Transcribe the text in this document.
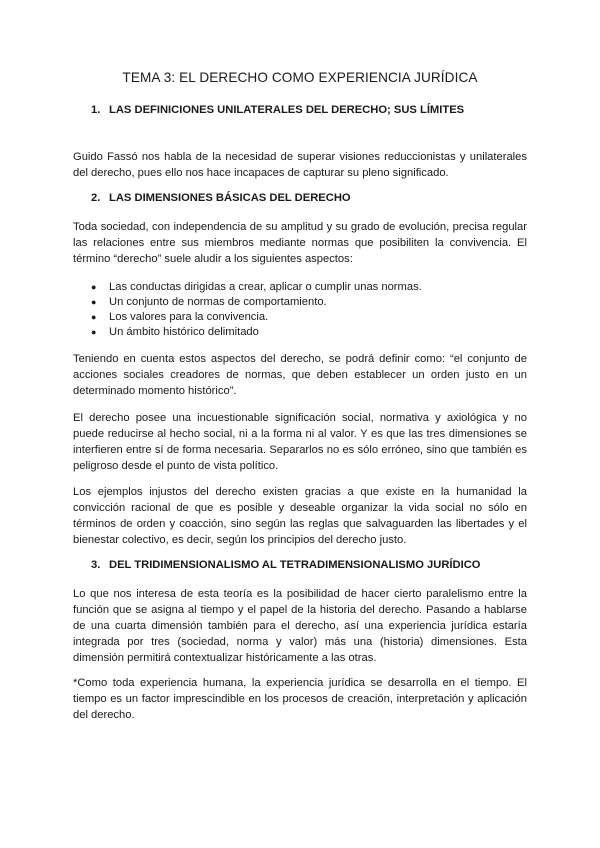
TEMA 3: EL DERECHO COMO EXPERIENCIA JURÍDICA
1. LAS DEFINICIONES UNILATERALES DEL DERECHO; SUS LÍMITES

Guido Fassó nos habla de la necesidad de superar visiones reduccionistas y unilaterales del derecho, pues ello nos hace incapaces de capturar su pleno significado.

2. LAS DIMENSIONES BÁSICAS DEL DERECHO

Toda sociedad, con independencia de su amplitud y su grado de evolución, precisa regular las relaciones entre sus miembros mediante normas que posibiliten la convivencia. El término “derecho” suele aludir a los siguientes aspectos:

●	Las conductas dirigidas a crear, aplicar o cumplir unas normas.
●	Un conjunto de normas de comportamiento.
●	Los valores para la convivencia.
●	Un ámbito histórico delimitado

Teniendo en cuenta estos aspectos del derecho, se podrá definir como: “el conjunto de acciones sociales creadores de normas, que deben establecer un orden justo en un determinado momento histórico”.

El derecho posee una incuestionable significación social, normativa y axiológica y no puede reducirse al hecho social, ni a la forma ni al valor. Y es que las tres dimensiones se interfieren entre sí de forma necesaria. Separarlos no es sólo erróneo, sino que también es peligroso desde el punto de vista político.

Los ejemplos injustos del derecho existen gracias a que existe en la humanidad la convicción racional de que es posible y deseable organizar la vida social no sólo en términos de orden y coacción, sino según las reglas que salvaguarden las libertades y el bienestar colectivo, es decir, según los principios del derecho justo.

3. DEL TRIDIMENSIONALISMO AL TETRADIMENSIONALISMO JURÍDICO

Lo que nos interesa de esta teoría es la posibilidad de hacer cierto paralelismo entre la función que se asigna al tiempo y el papel de la historia del derecho. Pasando a hablarse de una cuarta dimensión también para el derecho, así una experiencia jurídica estaría integrada por tres (sociedad, norma y valor) más una (historia) dimensiones. Esta dimensión permitirá contextualizar históricamente a las otras.

*Como toda experiencia humana, la experiencia jurídica se desarrolla en el tiempo. El tiempo es un factor imprescindible en los procesos de creación, interpretación y aplicación del derecho.
